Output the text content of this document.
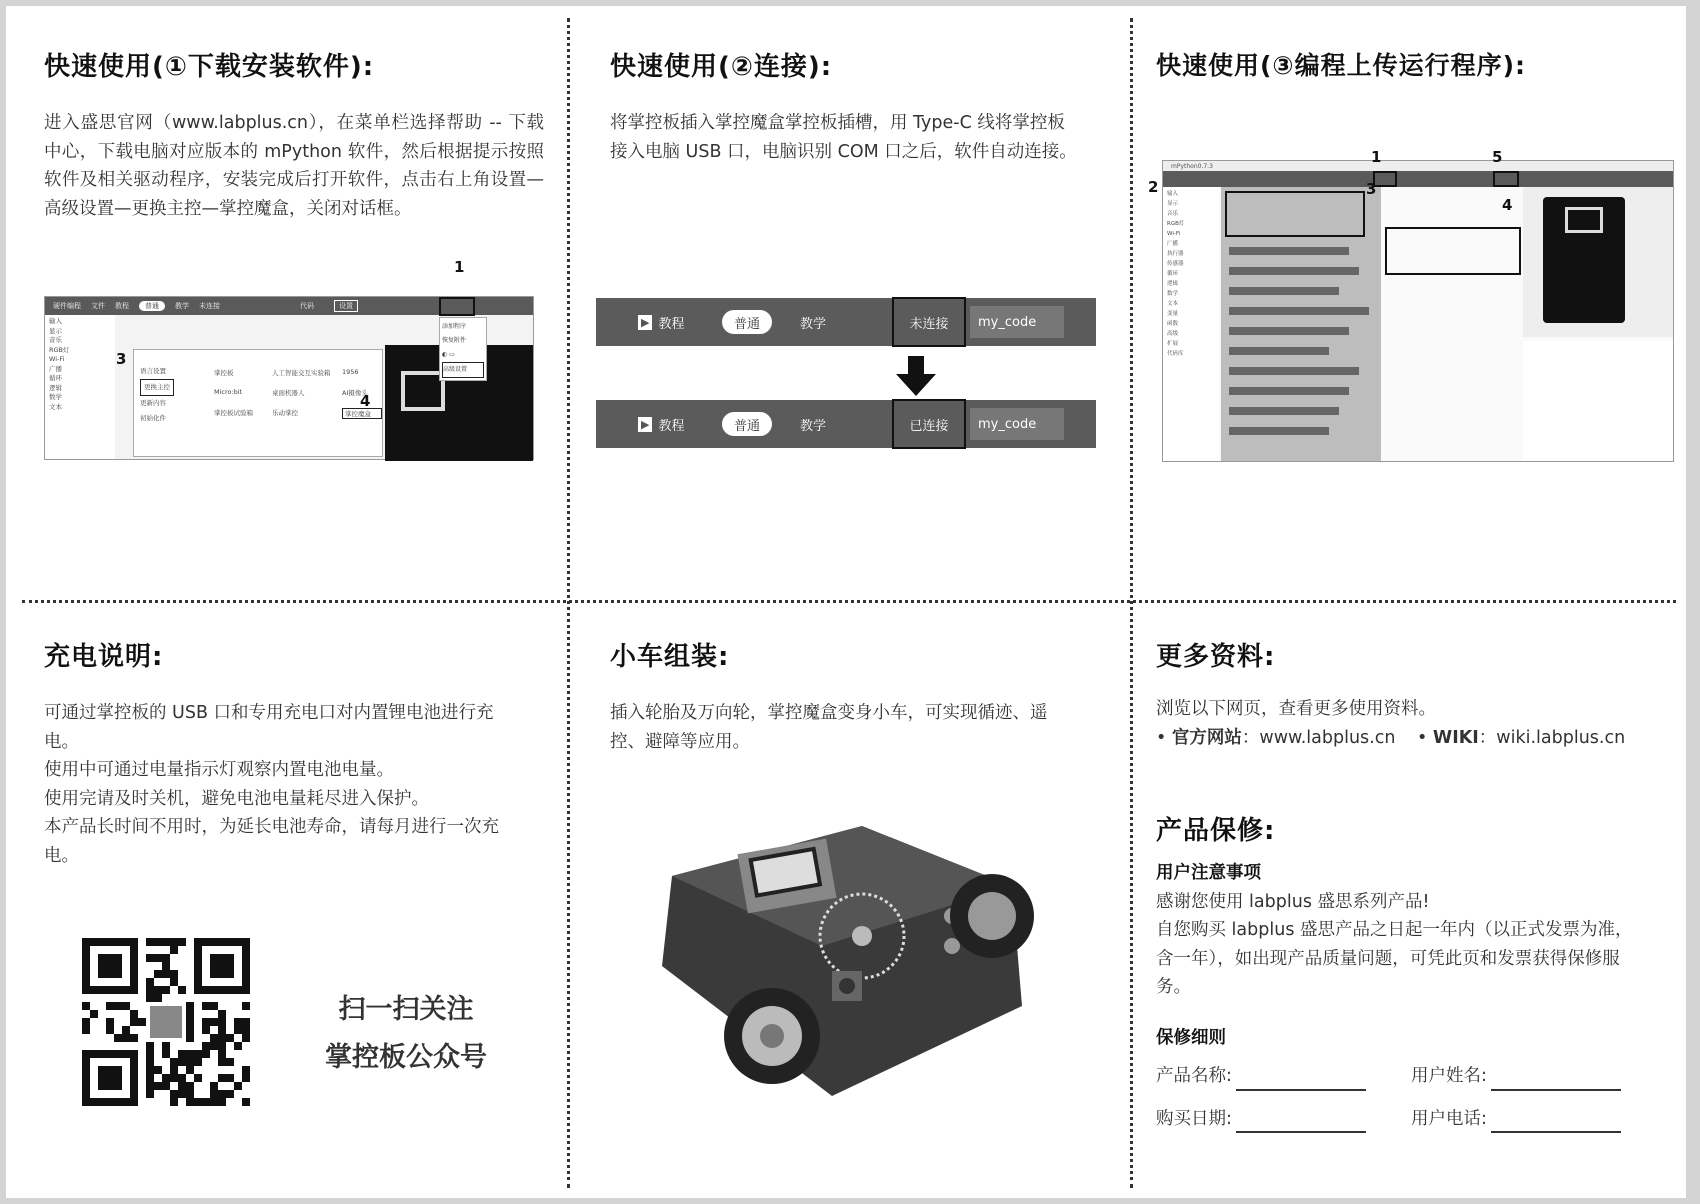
快速使用(①下载安装软件):
进入盛思官网（www.labplus.cn），在菜单栏选择帮助 -- 下载中心，下载电脑对应版本的 mPython 软件，然后根据提示按照软件及相关驱动程序，安装完成后打开软件，点击右上角设置—高级设置—更换主控—掌控魔盒，关闭对话框。
硬件编程 文件 教程	普通	教学 未连接	代码	设置
输入
显示
音乐
RGB灯
Wi-Fi
广播
循环
逻辑
数学
文本
语言设置
更换主控
更新内容
初始化件
掌控板	人工智能交互实验箱	1956
Micro:bit	桌面机器人	AI摄像头
掌控板试验箱	乐动掌控	掌控魔盒
添加程序
恢复附件
◐ ▭
高级设置
1
2
3
4
快速使用(②连接):
将掌控板插入掌控魔盒掌控板插槽，用 Type-C 线将掌控板接入电脑 USB 口，电脑识别 COM 口之后，软件自动连接。
▶ 教程	普通	教学	未连接 my_code
▶ 教程	普通	教学	已连接 my_code
快速使用(③编程上传运行程序):
mPython0.7.3
输入
显示
音乐
RGB灯
Wi-Fi
广播
执行器
传感器
循环
逻辑
数学
文本
变量
函数
高级
扩展
代码库
1
2	3
4
5
充电说明:

可通过掌控板的 USB 口和专用充电口对内置锂电池进行充电。

使用中可通过电量指示灯观察内置电池电量。

使用完请及时关机，避免电池电量耗尽进入保护。

本产品长时间不用时，为延长电池寿命，请每月进行一次充电。

扫一扫关注
掌控板公众号
小车组装:
插入轮胎及万向轮，掌控魔盒变身小车，可实现循迹、遥控、避障等应用。
更多资料:

浏览以下网页，查看更多使用资料。

• 官方网站：www.labplus.cn • WIKI：wiki.labplus.cn

产品保修:

用户注意事项

感谢您使用 labplus 盛思系列产品!

自您购买 labplus 盛思产品之日起一年内（以正式发票为准，含一年），如出现产品质量问题，可凭此页和发票获得保修服务。

保修细则

产品名称:	用户姓名:
购买日期:	用户电话:
